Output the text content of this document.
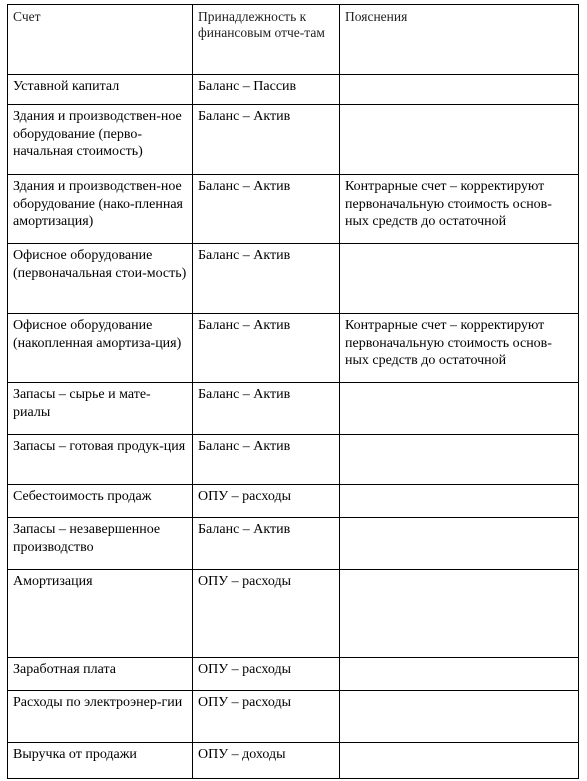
Счет	Принадлежность к финансовым отче-там	Пояснения
Уставной капитал	Баланс – Пассив	
Здания и производствен-ное оборудование (перво-начальная стоимость)	Баланс – Актив	
Здания и производствен-ное оборудование (нако-пленная амортизация)	Баланс – Актив	Контрарные счет – корректируют первоначальную стоимость основ-ных средств до остаточной
Офисное оборудование (первоначальная стои-мость)	Баланс – Актив	
Офисное оборудование (накопленная амортиза-ция)	Баланс – Актив	Контрарные счет – корректируют первоначальную стоимость основ-ных средств до остаточной
Запасы – сырье и мате-риалы	Баланс – Актив	
Запасы – готовая продук-ция	Баланс – Актив	
Себестоимость продаж	ОПУ – расходы	
Запасы – незавершенное производство	Баланс – Актив	
Амортизация	ОПУ – расходы	
Заработная плата	ОПУ – расходы	
Расходы по электроэнер-гии	ОПУ – расходы	
Выручка от продажи	ОПУ – доходы	
